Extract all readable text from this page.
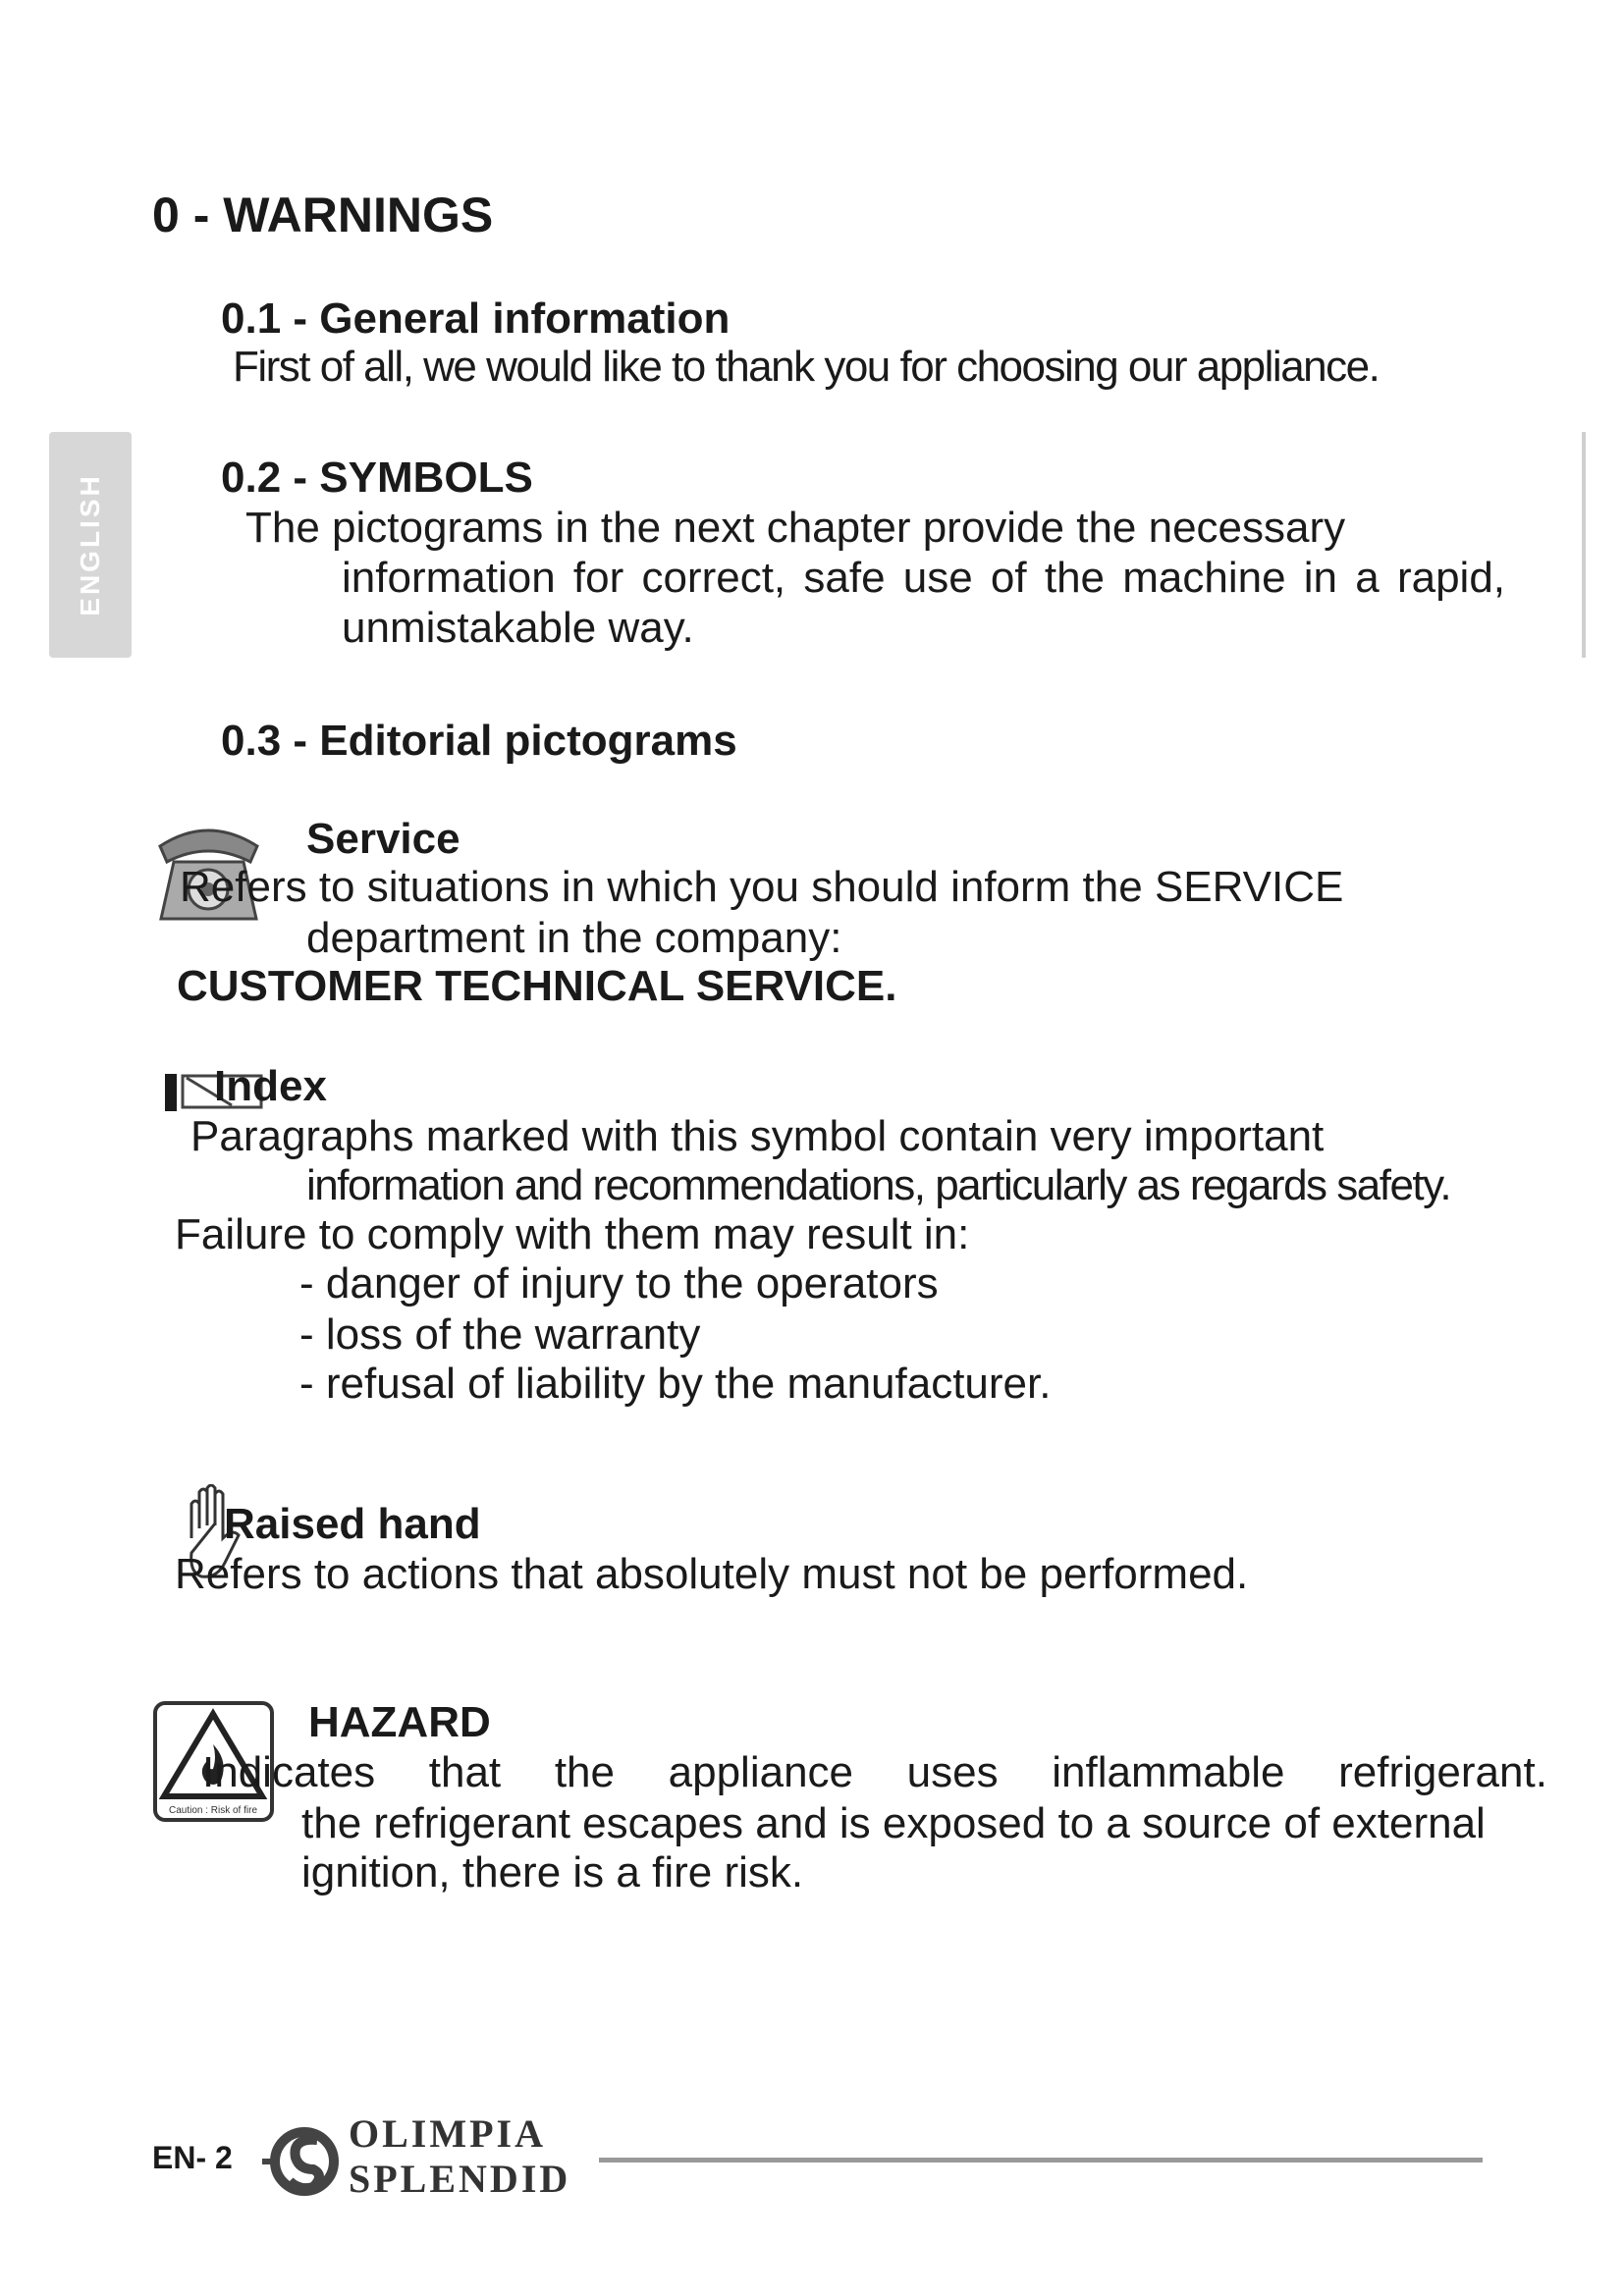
ENGLISH
0 - WARNINGS
0.1 - General information
First of all, we would like to thank you for choosing our appliance.
0.2 - SYMBOLS
The pictograms in the next chapter provide the necessary
information for correct, safe use of the machine in a rapid,
unmistakable way.
0.3 - Editorial pictograms
Service
Refers to situations in which you should inform the SERVICE
department in the company:
CUSTOMER TECHNICAL SERVICE.
Index
Paragraphs marked with this symbol contain very important
information and recommendations, particularly as regards safety.
Failure to comply with them may result in:
- danger of injury to the operators
- loss of the warranty
- refusal of liability by the manufacturer.
Raised hand
Refers to actions that absolutely must not be performed.
Caution : Risk of fire
HAZARD
Indicates that the appliance uses inflammable refrigerant.
the refrigerant escapes and is exposed to a source of external
ignition, there is a fire risk.
EN- 2
OLIMPIA
SPLENDID
